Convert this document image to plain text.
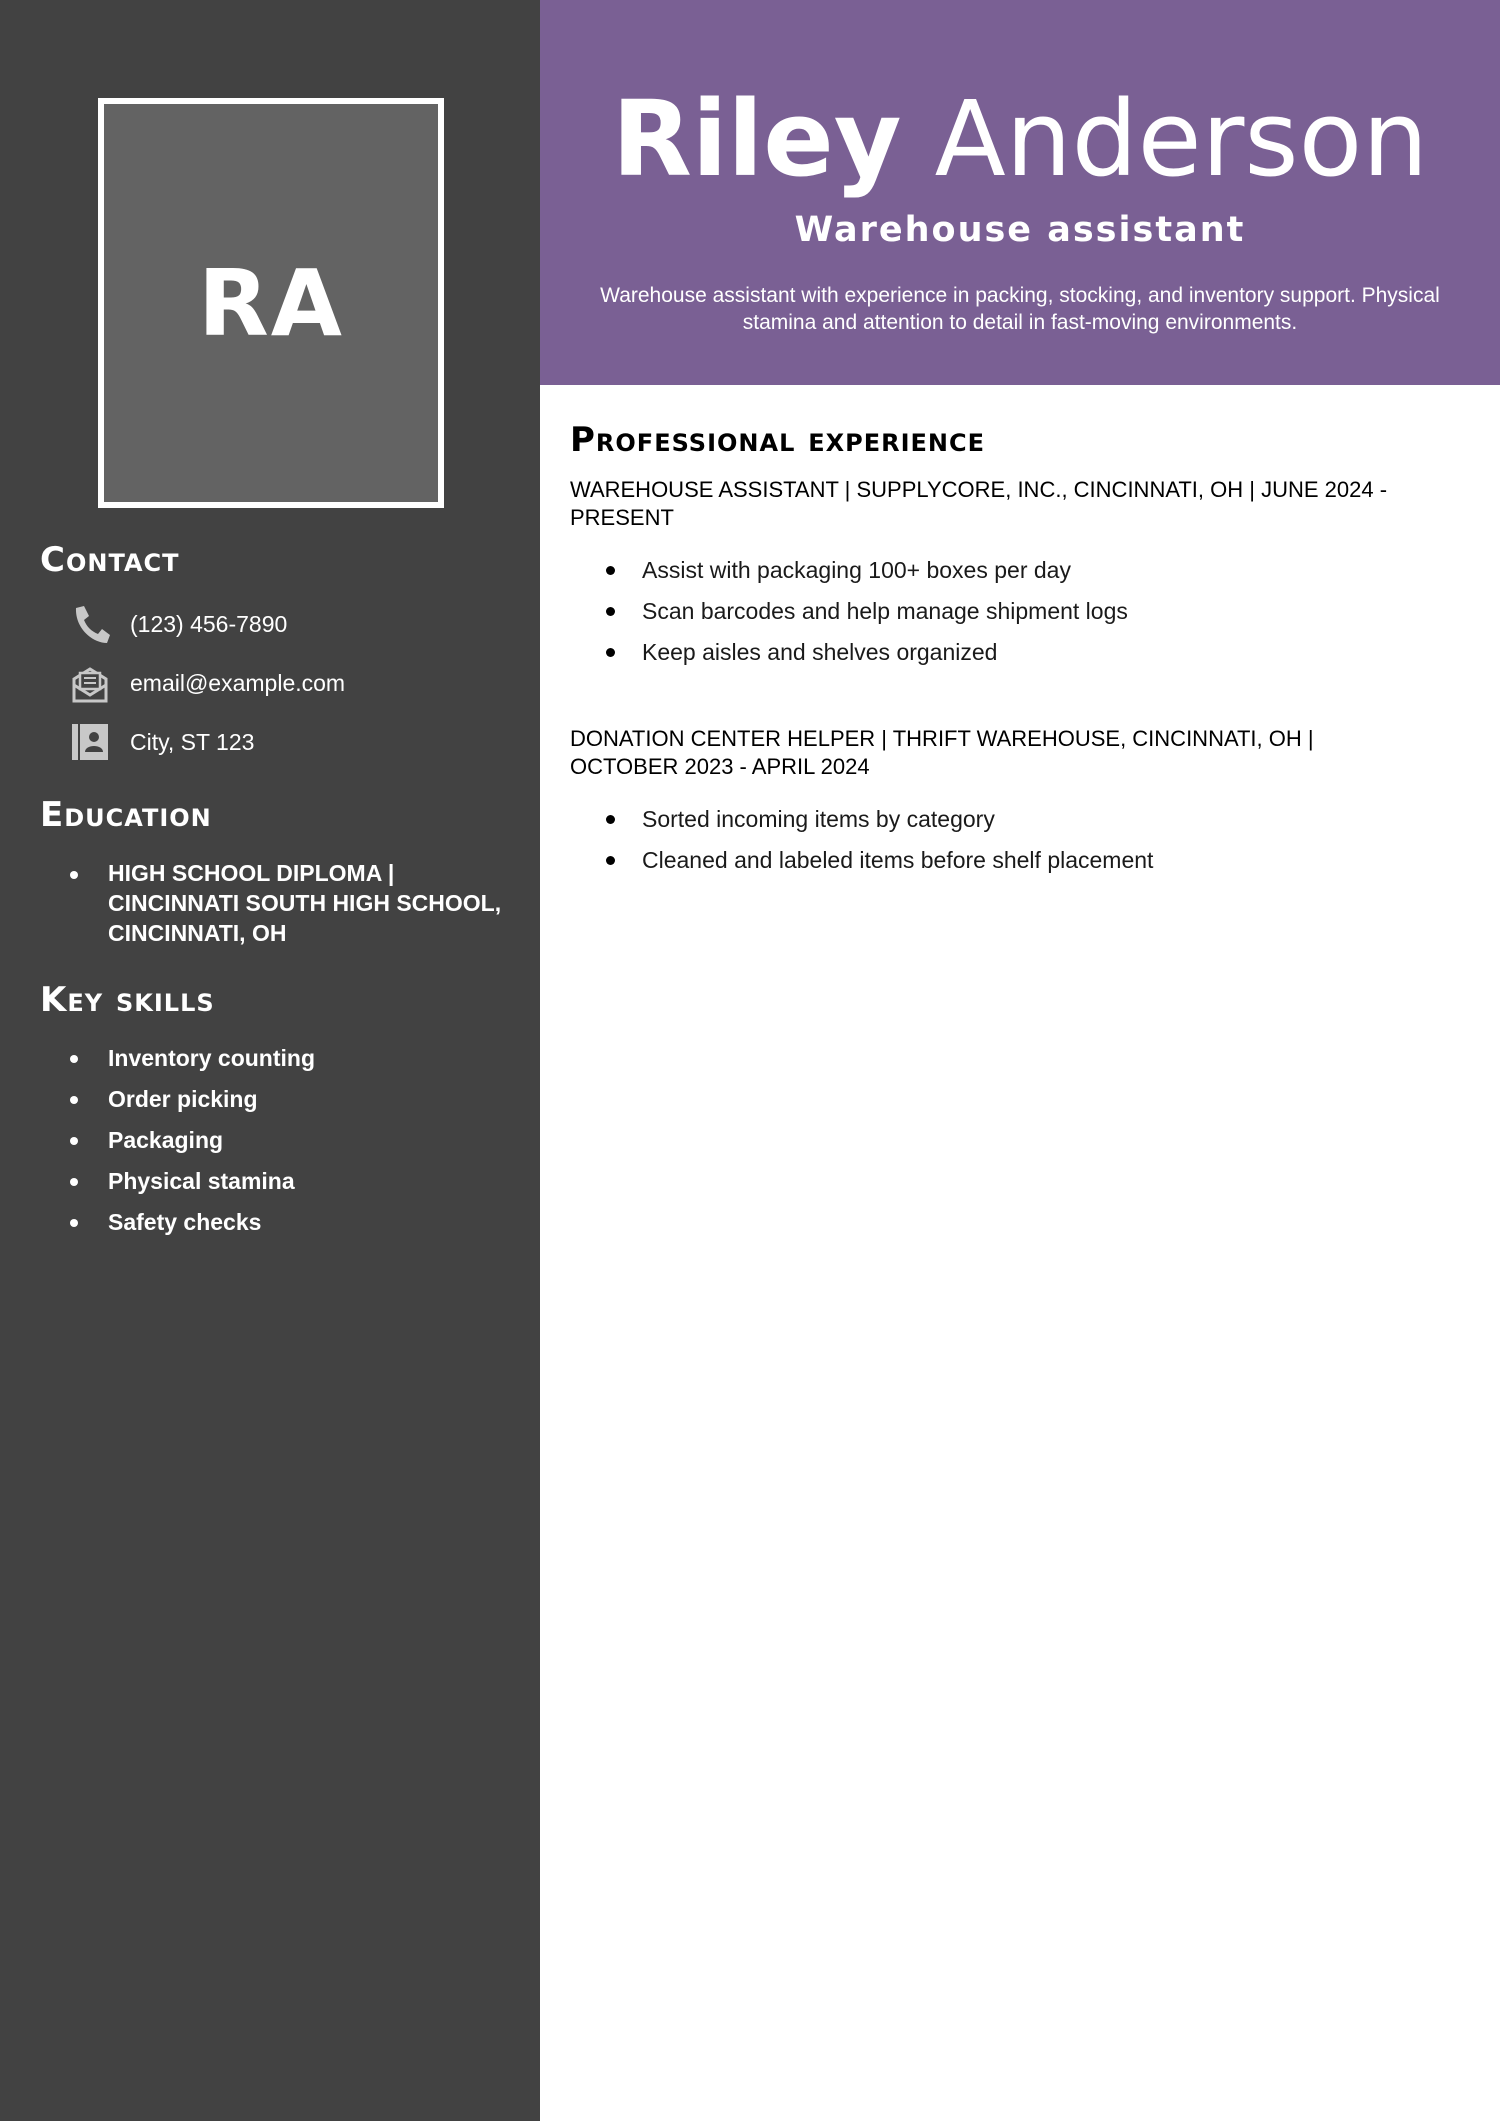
RA
Contact
(123) 456-7890
email@example.com
City, ST 123
Education
HIGH SCHOOL DIPLOMA | CINCINNATI SOUTH HIGH SCHOOL, CINCINNATI, OH
Key skills
Inventory counting
Order picking
Packaging
Physical stamina
Safety checks
Riley Anderson
Warehouse assistant
Warehouse assistant with experience in packing, stocking, and inventory support. Physical stamina and attention to detail in fast-moving environments.
Professional experience
WAREHOUSE ASSISTANT | SUPPLYCORE, INC., CINCINNATI, OH | JUNE 2024 - PRESENT
Assist with packaging 100+ boxes per day
Scan barcodes and help manage shipment logs
Keep aisles and shelves organized
DONATION CENTER HELPER | THRIFT WAREHOUSE, CINCINNATI, OH | OCTOBER 2023 - APRIL 2024
Sorted incoming items by category
Cleaned and labeled items before shelf placement
